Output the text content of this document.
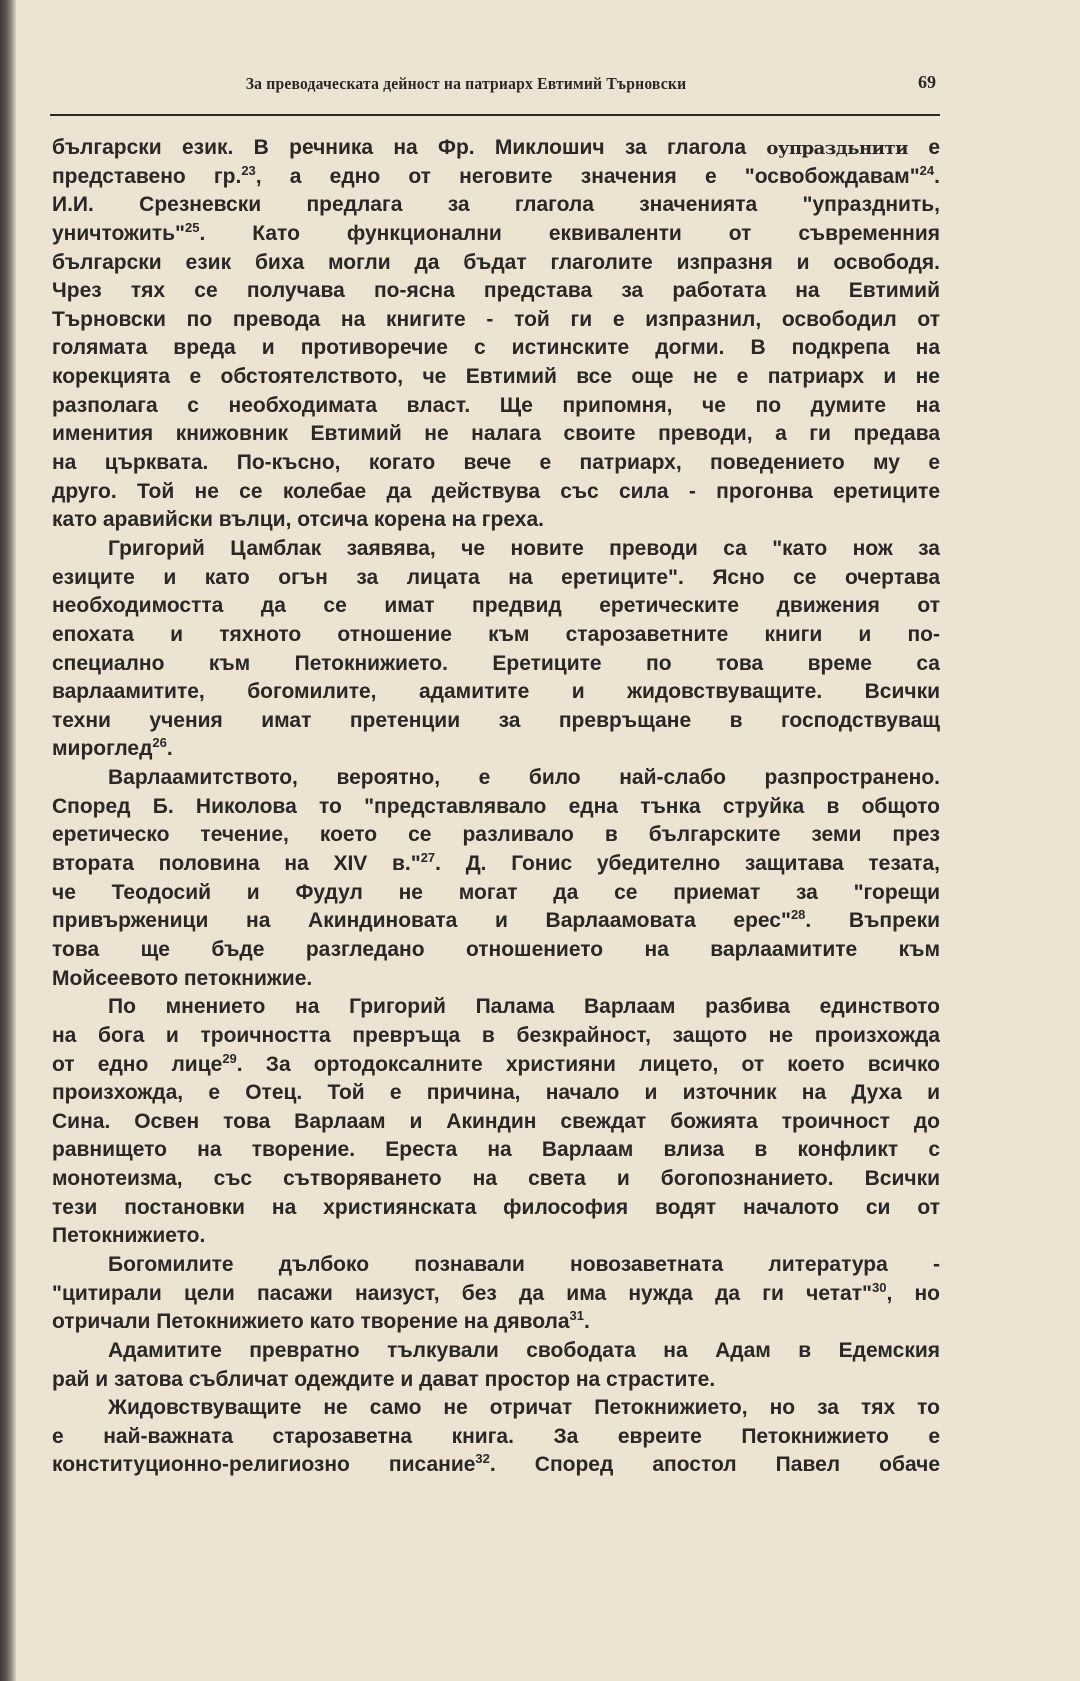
За преводаческата дейност на патриарх Евтимий Търновски	69
български език. В речника на Фр. Миклошич за глагола оупраздьнити е
представено гр.$^{23}$, а едно от неговите значения е "освобождавам"$^{24}$.
И.И. Срезневски предлага за глагола значенията "упразднить,
уничтожить"$^{25}$. Като функционални еквиваленти от съвременния
български език биха могли да бъдат глаголите изпразня и освободя.
Чрез тях се получава по-ясна представа за работата на Евтимий
Търновски по превода на книгите - той ги е изпразнил, освободил от
голямата вреда и противоречие с истинските догми. В подкрепа на
корекцията е обстоятелството, че Евтимий все още не е патриарх и не
разполага с необходимата власт. Ще припомня, че по думите на
именития книжовник Евтимий не налага своите преводи, а ги предава
на църквата. По-късно, когато вече е патриарх, поведението му е
друго. Той не се колебае да действува със сила - прогонва еретиците
като аравийски вълци, отсича корена на греха.
Григорий Цамблак заявява, че новите преводи са "като нож за
езиците и като огън за лицата на еретиците". Ясно се очертава
необходимостта да се имат предвид еретическите движения от
епохата и тяхното отношение към старозаветните книги и по-
специално към Петокнижието. Еретиците по това време са
варлаамитите, богомилите, адамитите и жидовствуващите. Всички
техни учения имат претенции за превръщане в господствуващ
мироглед$^{26}$.
Варлаамитството, вероятно, е било най-слабо разпространено.
Според Б. Николова то "представлявало една тънка струйка в общото
еретическо течение, което се разливало в българските земи през
втората половина на XIV в."$^{27}$. Д. Гонис убедително защитава тезата,
че Теодосий и Фудул не могат да се приемат за "горещи
привърженици на Акиндиновата и Варлаамовата ерес"$^{28}$. Въпреки
това ще бъде разгледано отношението на варлаамитите към
Мойсеевото петокнижие.
По мнението на Григорий Палама Варлаам разбива единството
на бога и троичността превръща в безкрайност, защото не произхожда
от едно лице$^{29}$. За ортодоксалните християни лицето, от което всичко
произхожда, е Отец. Той е причина, начало и източник на Духа и
Сина. Освен това Варлаам и Акиндин свеждат божията троичност до
равнището на творение. Ереста на Варлаам влиза в конфликт с
монотеизма, със сътворяването на света и богопознанието. Всички
тези постановки на християнската философия водят началото си от
Петокнижието.
Богомилите дълбоко познавали новозаветната литература -
"цитирали цели пасажи наизуст, без да има нужда да ги четат"$^{30}$, но
отричали Петокнижието като творение на дявола$^{31}$.
Адамитите превратно тълкували свободата на Адам в Едемския
рай и затова събличат одеждите и дават простор на страстите.
Жидовствуващите не само не отричат Петокнижието, но за тях то
е най-важната старозаветна книга. За евреите Петокнижието е
конституционно-религиозно писание$^{32}$. Според апостол Павел обаче
